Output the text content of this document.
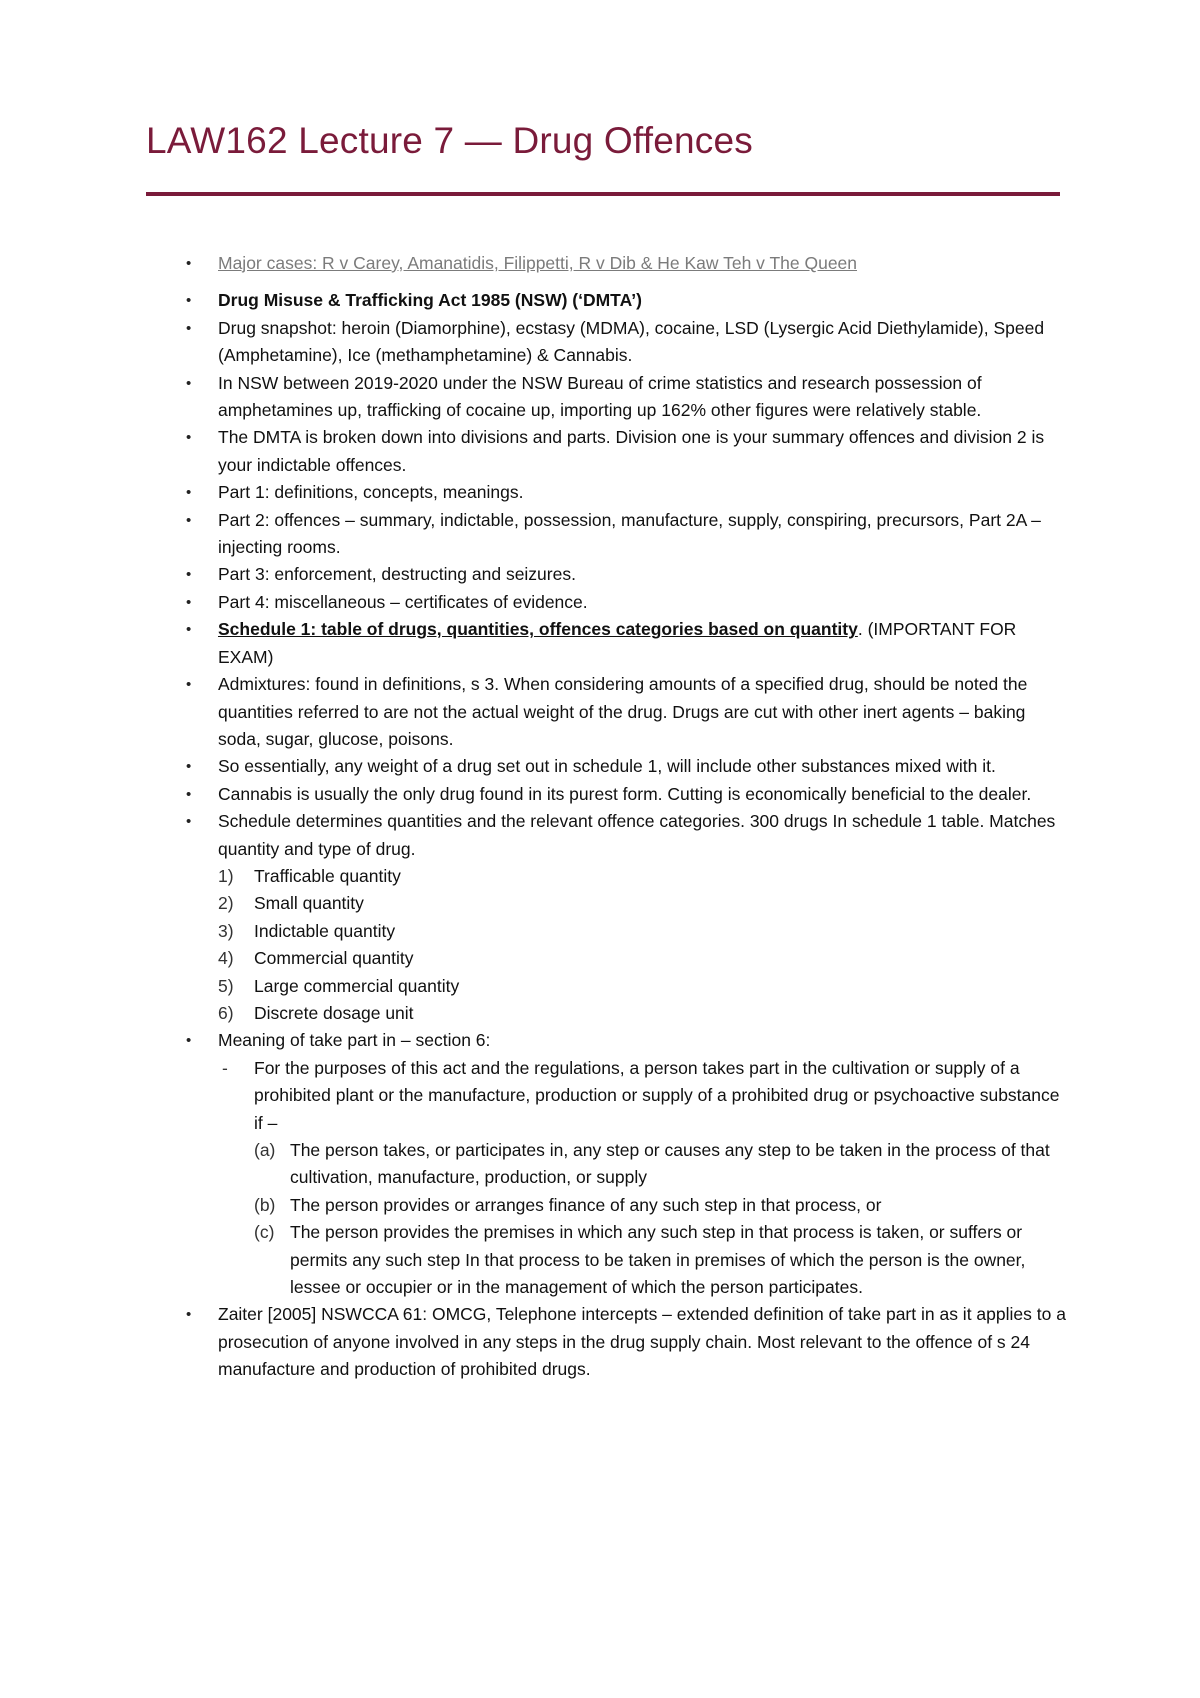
LAW162 Lecture 7 — Drug Offences
• Major cases: R v Carey, Amanatidis, Filippetti, R v Dib & He Kaw Teh v The Queen
• Drug Misuse & Trafficking Act 1985 (NSW) (‘DMTA’)
• Drug snapshot: heroin (Diamorphine), ecstasy (MDMA), cocaine, LSD (Lysergic Acid Diethylamide), Speed (Amphetamine), Ice (methamphetamine) & Cannabis.
• In NSW between 2019-2020 under the NSW Bureau of crime statistics and research possession of amphetamines up, trafficking of cocaine up, importing up 162% other figures were relatively stable.
• The DMTA is broken down into divisions and parts. Division one is your summary offences and division 2 is your indictable offences.
• Part 1: definitions, concepts, meanings.
• Part 2: offences – summary, indictable, possession, manufacture, supply, conspiring, precursors, Part 2A – injecting rooms.
• Part 3: enforcement, destructing and seizures.
• Part 4: miscellaneous – certificates of evidence.
• Schedule 1: table of drugs, quantities, offences categories based on quantity. (IMPORTANT FOR EXAM)
• Admixtures: found in definitions, s 3. When considering amounts of a specified drug, should be noted the quantities referred to are not the actual weight of the drug. Drugs are cut with other inert agents – baking soda, sugar, glucose, poisons.
• So essentially, any weight of a drug set out in schedule 1, will include other substances mixed with it.
• Cannabis is usually the only drug found in its purest form. Cutting is economically beneficial to the dealer.
• Schedule determines quantities and the relevant offence categories. 300 drugs In schedule 1 table. Matches quantity and type of drug.
1) Trafficable quantity
2) Small quantity
3) Indictable quantity
4) Commercial quantity
5) Large commercial quantity
6) Discrete dosage unit
• Meaning of take part in – section 6:
- For the purposes of this act and the regulations, a person takes part in the cultivation or supply of a prohibited plant or the manufacture, production or supply of a prohibited drug or psychoactive substance if –
(a) The person takes, or participates in, any step or causes any step to be taken in the process of that cultivation, manufacture, production, or supply
(b) The person provides or arranges finance of any such step in that process, or
(c) The person provides the premises in which any such step in that process is taken, or suffers or permits any such step In that process to be taken in premises of which the person is the owner, lessee or occupier or in the management of which the person participates.
• Zaiter [2005] NSWCCA 61: OMCG, Telephone intercepts – extended definition of take part in as it applies to a prosecution of anyone involved in any steps in the drug supply chain. Most relevant to the offence of s 24 manufacture and production of prohibited drugs.
